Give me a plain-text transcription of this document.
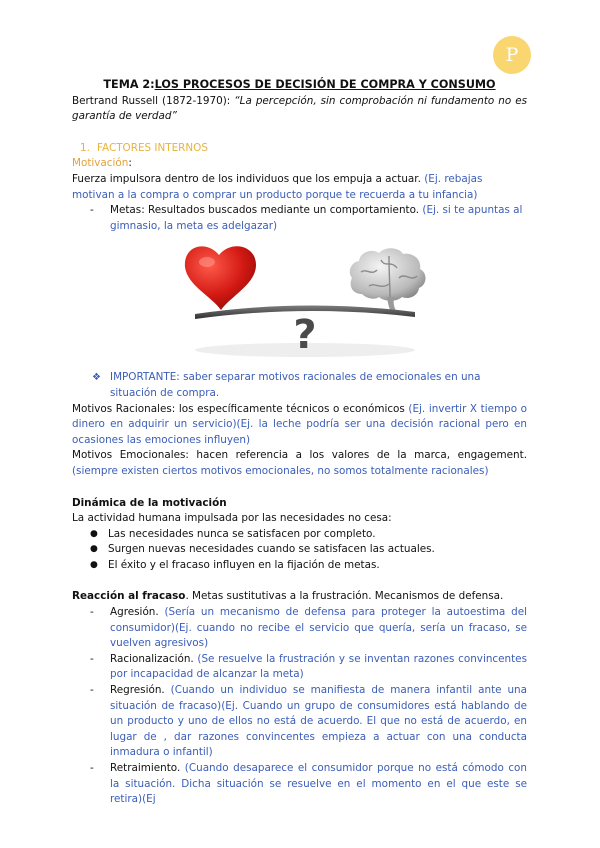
P

TEMA 2:LOS PROCESOS DE DECISIÓN DE COMPRA Y CONSUMO

Bertrand Russell (1872-1970): “La percepción, sin comprobación ni fundamento no es garantía de verdad”

1. FACTORES INTERNOS

Motivación:

Fuerza impulsora dentro de los individuos que los empuja a actuar. (Ej. rebajas motivan a la compra o comprar un producto porque te recuerda a tu infancia)

- Metas: Resultados buscados mediante un comportamiento. (Ej. si te apuntas al gimnasio, la meta es adelgazar)

?

❖ IMPORTANTE: saber separar motivos racionales de emocionales en una situación de compra.

Motivos Racionales: los específicamente técnicos o económicos (Ej. invertir X tiempo o dinero en adquirir un servicio)(Ej. la leche podría ser una decisión racional pero en ocasiones las emociones influyen)

Motivos Emocionales: hacen referencia a los valores de la marca, engagement. (siempre existen ciertos motivos emocionales, no somos totalmente racionales)

Dinámica de la motivación

La actividad humana impulsada por las necesidades no cesa:

● Las necesidades nunca se satisfacen por completo.

● Surgen nuevas necesidades cuando se satisfacen las actuales.

● El éxito y el fracaso influyen en la fijación de metas.

Reacción al fracaso. Metas sustitutivas a la frustración. Mecanismos de defensa.

- Agresión. (Sería un mecanismo de defensa para proteger la autoestima del consumidor)(Ej. cuando no recibe el servicio que quería, sería un fracaso, se vuelven agresivos)

- Racionalización. (Se resuelve la frustración y se inventan razones convincentes por incapacidad de alcanzar la meta)

- Regresión. (Cuando un individuo se manifiesta de manera infantil ante una situación de fracaso)(Ej. Cuando un grupo de consumidores está hablando de un producto y uno de ellos no está de acuerdo. El que no está de acuerdo, en lugar de , dar razones convincentes empieza a actuar con una conducta inmadura o infantil)

- Retraimiento. (Cuando desaparece el consumidor porque no está cómodo con la situación. Dicha situación se resuelve en el momento en el que este se retira)(Ej
